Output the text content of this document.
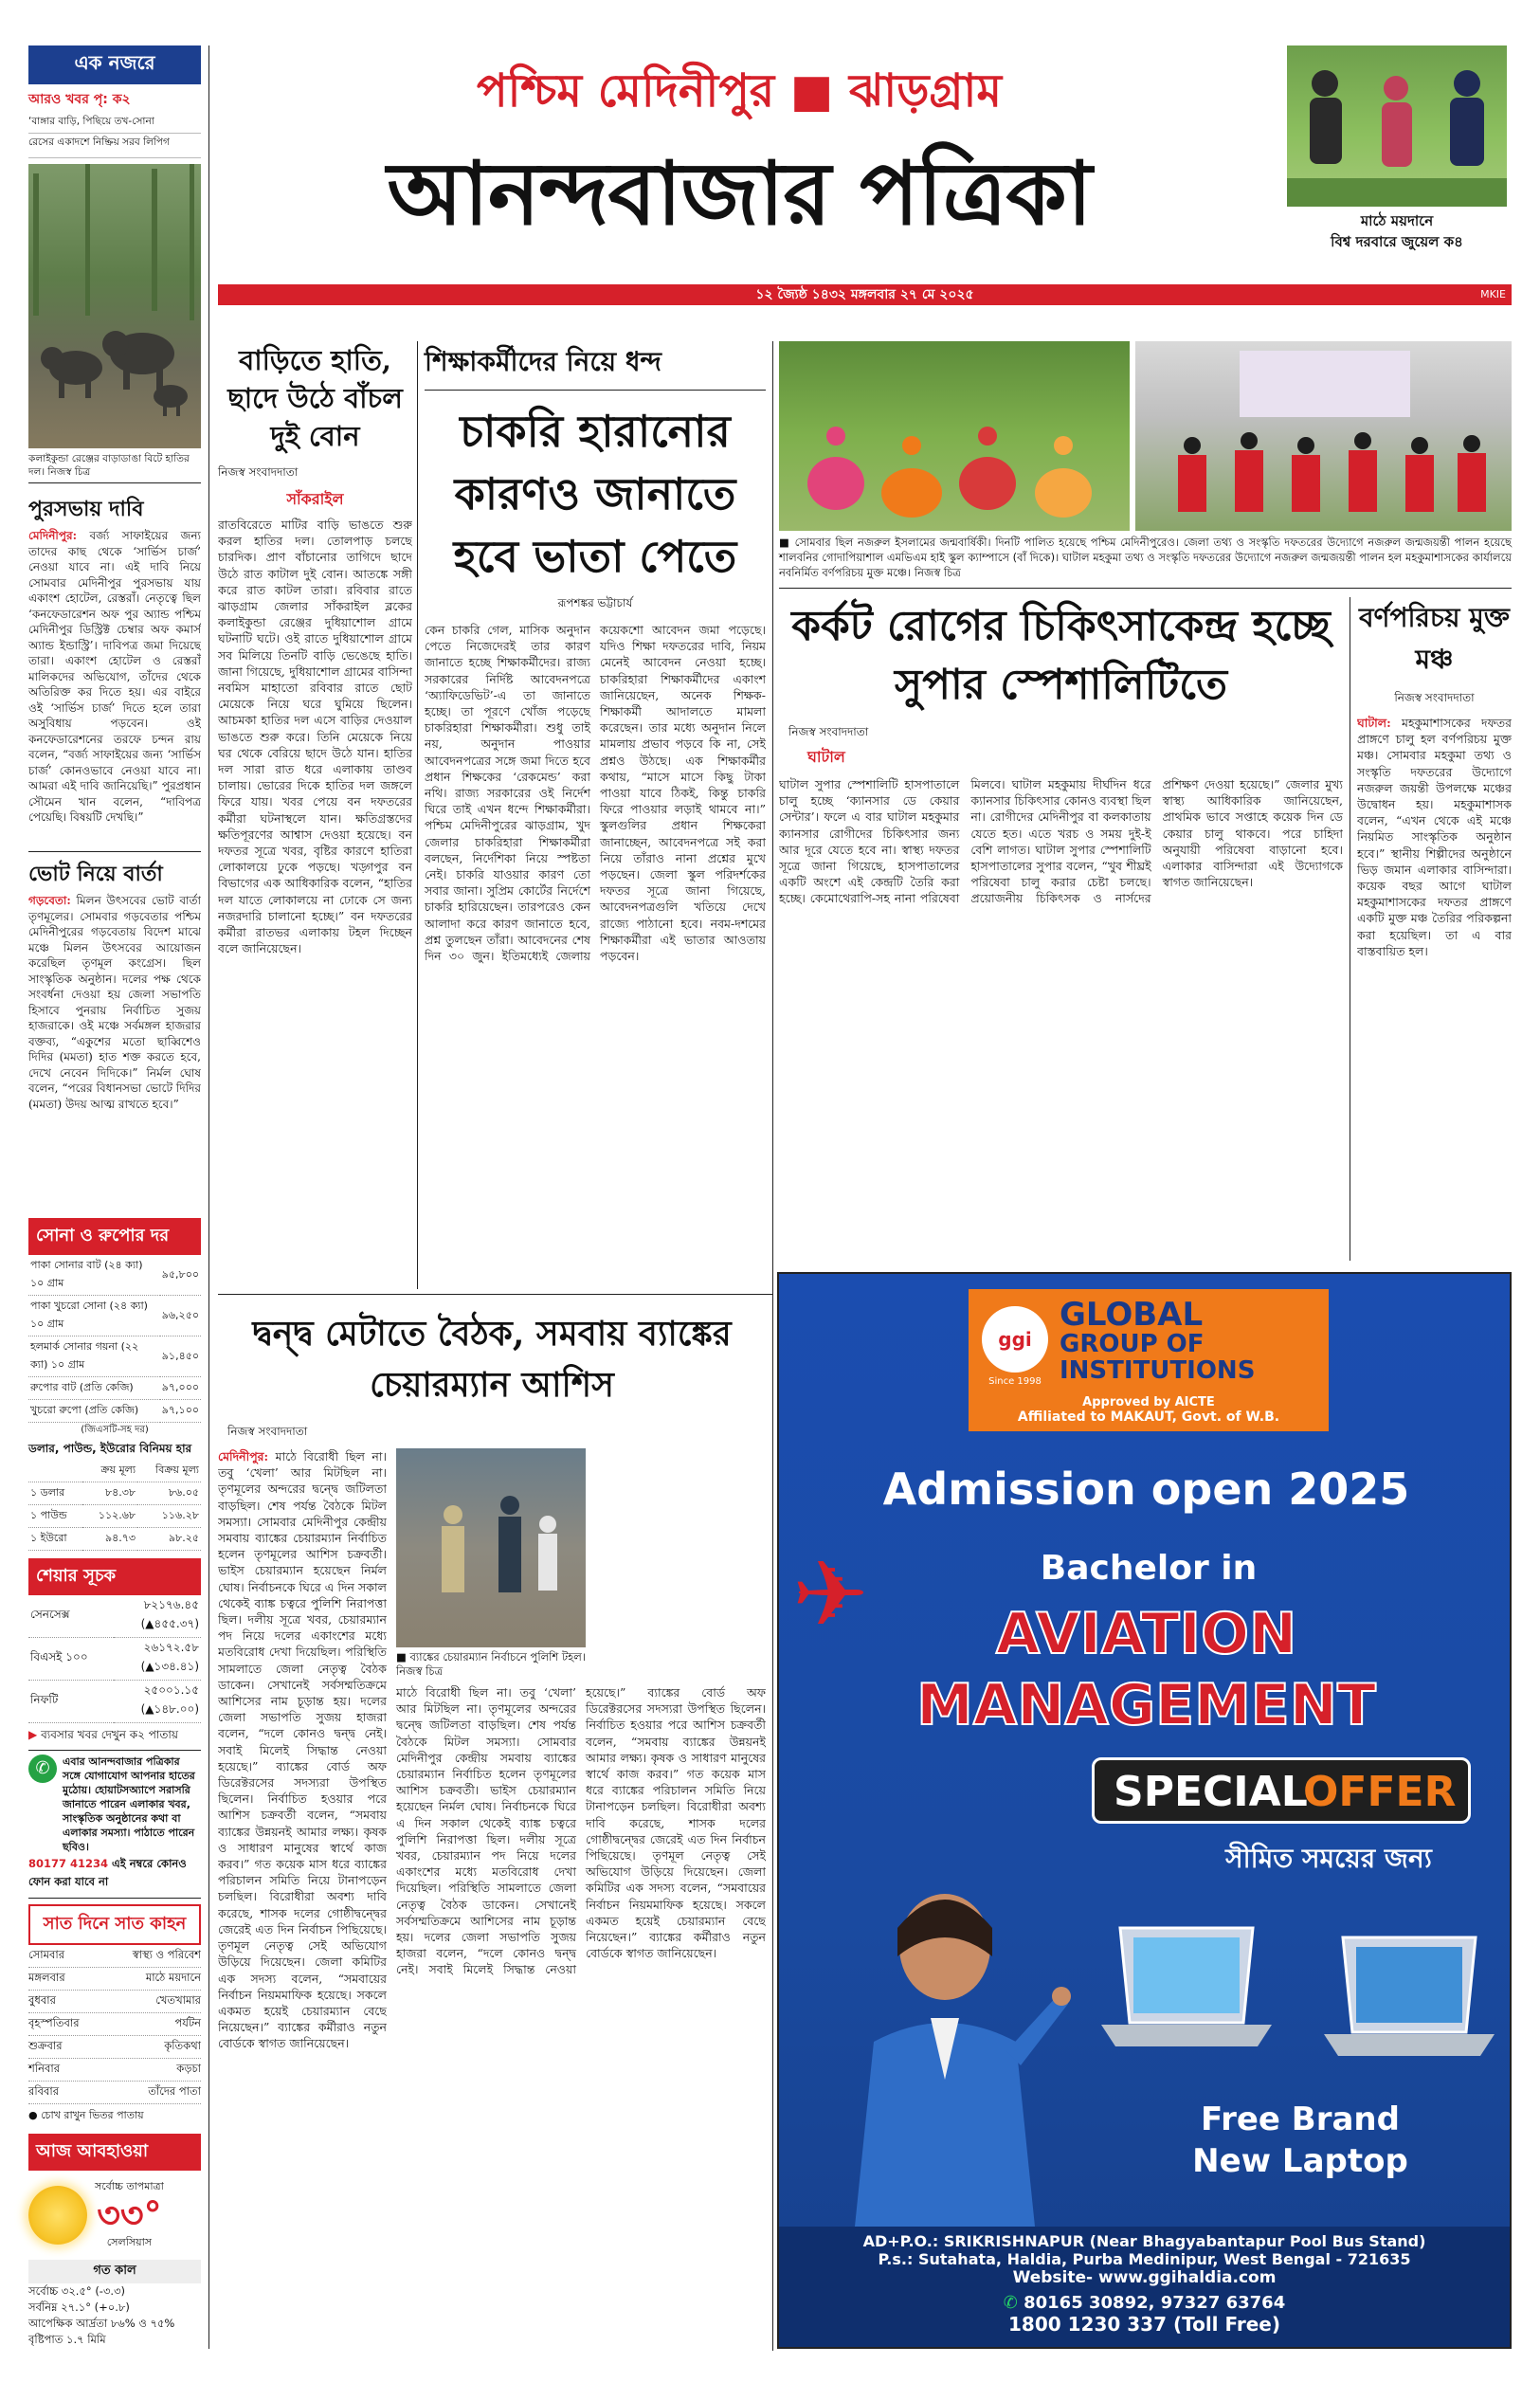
এক নজরে
আরও খবর পৃ: ক২
‘বাঙ্গার বাড়ি, পিছিয়ে তখ-সোনা
রেসের একাদশে নিষ্ক্রিয় সরব লিপিগ
কলাইকুন্ডা রেঞ্জের বাড়াডাঙা বিটে হাতির দল। নিজস্ব চিত্র
পুরসভায় দাবি
মেদিনীপুর: বর্জ্য সাফাইয়ের জন্য তাদের কাছ থেকে ‘সার্ভিস চার্জ’ নেওয়া যাবে না। এই দাবি নিয়ে সোমবার মেদিনীপুর পুরসভায় যায় একাংশ হোটেল, রেস্তরাঁ। নেতৃত্বে ছিল ‘কনফেডারেশন অফ পুর অ্যান্ড পশ্চিম মেদিনীপুর ডিস্ট্রিক্ট চেম্বার অফ কমার্স অ্যান্ড ইন্ডাস্ট্রি’। দাবিপত্র জমা দিয়েছে তারা। একাংশ হোটেল ও রেস্তরাঁ মালিকদের অভিযোগ, তাঁদের থেকে অতিরিক্ত কর দিতে হয়। এর বাইরে ওই ‘সার্ভিস চার্জ’ দিতে হলে তারা অসুবিধায় পড়বেন। ওই কনফেডারেশনের তরফে চন্দন রায় বলেন, “বর্জ্য সাফাইয়ের জন্য ‘সার্ভিস চার্জ’ কোনওভাবে নেওয়া যাবে না। আমরা এই দাবি জানিয়েছি।” পুরপ্রধান সৌমেন খান বলেন, “দাবিপত্র পেয়েছি। বিষয়টি দেখছি।”
ভোট নিয়ে বার্তা
গড়বেতা: মিলন উৎসবের ভোট বার্তা তৃণমূলের। সোমবার গড়বেতার পশ্চিম মেদিনীপুরের গড়বেতায় বিদেশ মাঝে মঞ্চে মিলন উৎসবের আয়োজন করেছিল তৃণমূল কংগ্রেস। ছিল সাংস্কৃতিক অনুষ্ঠান। দলের পক্ষ থেকে সংবর্ধনা দেওয়া হয় জেলা সভাপতি হিসাবে পুনরায় নির্বাচিত সুজয় হাজরাকে। ওই মঞ্চে সর্বমঙ্গল হাজরার বক্তব্য, “একুশের মতো ছাব্বিশেও দিদির (মমতা) হাত শক্ত করতে হবে, দেখে নেবেন দিদিকে।” নির্মল ঘোষ বলেন, “পরের বিধানসভা ভোটে দিদির (মমতা) উদয় আত্ম রাখতে হবে।”
সোনা ও রুপোর দর
পাকা সোনার বাট (২৪ ক্যা) ১০ গ্রাম	৯৫,৮০০
পাকা খুচরো সোনা (২৪ ক্যা) ১০ গ্রাম	৯৬,২৫০
হলমার্ক সোনার গয়না (২২ ক্যা) ১০ গ্রাম	৯১,৪৫০
রুপোর বাট (প্রতি কেজি)	৯৭,০০০
খুচরো রুপো (প্রতি কেজি)	৯৭,১০০
(জিএসটি-সহ দর)
ডলার, পাউন্ড, ইউরোর বিনিময় হার
	ক্রয় মূল্য	বিক্রয় মূল্য
১ ডলার	৮৪.৩৮	৮৬.০৫
১ পাউন্ড	১১২.৬৮	১১৬.২৮
১ ইউরো	৯৪.৭৩	৯৮.২৫
শেয়ার সূচক
সেনসেক্স	৮২১৭৬.৪৫
(▲৪৫৫.৩৭)
বিএসই ১০০	২৬১৭২.৫৮
(▲১৩৪.৪১)
নিফটি	২৫০০১.১৫
(▲১৪৮.০০)
▶ ব্যবসার খবর দেখুন ক২ পাতায়
✆	এবার আনন্দবাজার পত্রিকার সঙ্গে যোগাযোগ আপনার হাতের মুঠোয়। হোয়াটসঅ্যাপে সরাসরি জানাতে পারেন এলাকার খবর, সাংস্কৃতিক অনুষ্ঠানের কথা বা এলাকার সমস্যা। পাঠাতে পারেন ছবিও।
80177 41234 এই নম্বরে কোনও ফোন করা যাবে না
সাত দিনে সাত কাহন
সোমবার	স্বাস্থ্য ও পরিবেশ
মঙ্গলবার	মাঠে ময়দানে
বুধবার	খেতখামার
বৃহস্পতিবার	পর্যটন
শুক্রবার	কৃতিকথা
শনিবার	কড়চা
রবিবার	তাঁদের পাতা
● চোখ রাখুন ভিতর পাতায়
আজ আবহাওয়া
সর্বোচ্চ তাপমাত্রা
৩৩°
সেলসিয়াস
গত কাল
সর্বোচ্চ ৩২.৫° (-৩.৩)
সর্বনিম্ন ২৭.১° (+০.৮)
আপেক্ষিক আর্দ্রতা ৮৬% ও ৭৫%
বৃষ্টিপাত ১.৭ মিমি
পশ্চিম মেদিনীপুর ■ ঝাড়গ্রাম
আনন্দবাজার পত্রিকা	মাঠে ময়দানে
বিশ্ব দরবারে জুয়েল ক৪
১২ জ্যৈষ্ঠ ১৪৩২ মঙ্গলবার ২৭ মে ২০২৫	MKIE
বাড়িতে হাতি, ছাদে উঠে বাঁচল দুই বোন
নিজস্ব সংবাদদাতা
সাঁকরাইল
রাতবিরেতে মাটির বাড়ি ভাঙতে শুরু করল হাতির দল। তোলপাড় চলছে চারদিক। প্রাণ বাঁচানোর তাগিদে ছাদে উঠে রাত কাটাল দুই বোন। আতঙ্কে সঙ্গী করে রাত কাটল তারা। রবিবার রাতে ঝাড়গ্রাম জেলার সাঁকরাইল ব্লকের কলাইকুন্ডা রেঞ্জের দুধিয়াশোল গ্রামে ঘটনাটি ঘটে। ওই রাতে দুধিয়াশোল গ্রামে সব মিলিয়ে তিনটি বাড়ি ভেঙেছে হাতি। জানা গিয়েছে, দুধিয়াশোল গ্রামের বাসিন্দা নবমিস মাহাতো রবিবার রাতে ছোট মেয়েকে নিয়ে ঘরে ঘুমিয়ে ছিলেন। আচমকা হাতির দল এসে বাড়ির দেওয়াল ভাঙতে শুরু করে। তিনি মেয়েকে নিয়ে ঘর থেকে বেরিয়ে ছাদে উঠে যান। হাতির দল সারা রাত ধরে এলাকায় তাণ্ডব চালায়। ভোরের দিকে হাতির দল জঙ্গলে ফিরে যায়। খবর পেয়ে বন দফতরের কর্মীরা ঘটনাস্থলে যান। ক্ষতিগ্রস্তদের ক্ষতিপূরণের আশ্বাস দেওয়া হয়েছে। বন দফতর সূত্রে খবর, বৃষ্টির কারণে হাতিরা লোকালয়ে ঢুকে পড়ছে। খড়্গপুর বন বিভাগের এক আধিকারিক বলেন, “হাতির দল যাতে লোকালয়ে না ঢোকে সে জন্য নজরদারি চালানো হচ্ছে।” বন দফতরের কর্মীরা রাতভর এলাকায় টহল দিচ্ছেন বলে জানিয়েছেন।
শিক্ষাকর্মীদের নিয়ে ধন্দ
চাকরি হারানোর কারণও জানাতে হবে ভাতা পেতে
রূপশঙ্কর ভট্টাচার্য
কেন চাকরি গেল, মাসিক অনুদান পেতে নিজেদেরই তার কারণ জানাতে হচ্ছে শিক্ষাকর্মীদের। রাজ্য সরকারের নির্দিষ্ট আবেদনপত্রে ‘অ্যাফিডেভিট’-এ তা জানাতে হচ্ছে। তা পূরণে খোঁজ পড়েছে চাকরিহারা শিক্ষাকর্মীরা। শুধু তাই নয়, অনুদান পাওয়ার আবেদনপত্রের সঙ্গে জমা দিতে হবে প্রধান শিক্ষকের ‘রেকমেন্ড’ করা নথি। রাজ্য সরকারের ওই নির্দেশ ঘিরে তাই এখন ধন্দে শিক্ষাকর্মীরা। পশ্চিম মেদিনীপুরের ঝাড়গ্রাম, খুদ জেলার চাকরিহারা শিক্ষাকর্মীরা বলছেন, নির্দেশিকা নিয়ে স্পষ্টতা নেই। চাকরি যাওয়ার কারণ তো সবার জানা। সুপ্রিম কোর্টের নির্দেশে চাকরি হারিয়েছেন। তারপরেও কেন আলাদা করে কারণ জানাতে হবে, প্রশ্ন তুলছেন তাঁরা। আবেদনের শেষ দিন ৩০ জুন। ইতিমধ্যেই জেলায় কয়েকশো আবেদন জমা পড়েছে। যদিও শিক্ষা দফতরের দাবি, নিয়ম মেনেই আবেদন নেওয়া হচ্ছে। চাকরিহারা শিক্ষাকর্মীদের একাংশ জানিয়েছেন, অনেক শিক্ষক-শিক্ষাকর্মী আদালতে মামলা করেছেন। তার মধ্যে অনুদান নিলে মামলায় প্রভাব পড়বে কি না, সেই প্রশ্নও উঠছে। এক শিক্ষাকর্মীর কথায়, “মাসে মাসে কিছু টাকা পাওয়া যাবে ঠিকই, কিন্তু চাকরি ফিরে পাওয়ার লড়াই থামবে না।” স্কুলগুলির প্রধান শিক্ষকেরা জানাচ্ছেন, আবেদনপত্রে সই করা নিয়ে তাঁরাও নানা প্রশ্নের মুখে পড়ছেন। জেলা স্কুল পরিদর্শকের দফতর সূত্রে জানা গিয়েছে, আবেদনপত্রগুলি খতিয়ে দেখে রাজ্যে পাঠানো হবে। নবম-দশমের শিক্ষাকর্মীরা এই ভাতার আওতায় পড়বেন।
■ সোমবার ছিল নজরুল ইসলামের জন্মবার্ষিকী। দিনটি পালিত হয়েছে পশ্চিম মেদিনীপুরেও। জেলা তথ্য ও সংস্কৃতি দফতরের উদ্যোগে নজরুল জন্মজয়ন্তী পালন হয়েছে শালবনির গোদাপিয়াশাল এমভিএম হাই স্কুল ক্যাম্পাসে (বাঁ দিকে)। ঘাটাল মহকুমা তথ্য ও সংস্কৃতি দফতরের উদ্যোগে নজরুল জন্মজয়ন্তী পালন হল মহকুমাশাসকের কার্যালয়ে নবনির্মিত বর্ণপরিচয় মুক্ত মঞ্চে। নিজস্ব চিত্র
কর্কট রোগের চিকিৎসাকেন্দ্র হচ্ছে সুপার স্পেশালিটিতে
নিজস্ব সংবাদদাতা
ঘাটাল
ঘাটাল সুপার স্পেশালিটি হাসপাতালে চালু হচ্ছে ‘ক্যানসার ডে কেয়ার সেন্টার’। ফলে এ বার ঘাটাল মহকুমার ক্যানসার রোগীদের চিকিৎসার জন্য আর দূরে যেতে হবে না। স্বাস্থ্য দফতর সূত্রে জানা গিয়েছে, হাসপাতালের একটি অংশে এই কেন্দ্রটি তৈরি করা হচ্ছে। কেমোথেরাপি-সহ নানা পরিষেবা মিলবে। ঘাটাল মহকুমায় দীর্ঘদিন ধরে ক্যানসার চিকিৎসার কোনও ব্যবস্থা ছিল না। রোগীদের মেদিনীপুর বা কলকাতায় যেতে হত। এতে খরচ ও সময় দুই-ই বেশি লাগত। ঘাটাল সুপার স্পেশালিটি হাসপাতালের সুপার বলেন, “খুব শীঘ্রই পরিষেবা চালু করার চেষ্টা চলছে। প্রয়োজনীয় চিকিৎসক ও নার্সদের প্রশিক্ষণ দেওয়া হয়েছে।” জেলার মুখ্য স্বাস্থ্য আধিকারিক জানিয়েছেন, প্রাথমিক ভাবে সপ্তাহে কয়েক দিন ডে কেয়ার চালু থাকবে। পরে চাহিদা অনুযায়ী পরিষেবা বাড়ানো হবে। এলাকার বাসিন্দারা এই উদ্যোগকে স্বাগত জানিয়েছেন।
বর্ণপরিচয় মুক্ত মঞ্চ
নিজস্ব সংবাদদাতা
ঘাটাল: মহকুমাশাসকের দফতর প্রাঙ্গণে চালু হল বর্ণপরিচয় মুক্ত মঞ্চ। সোমবার মহকুমা তথ্য ও সংস্কৃতি দফতরের উদ্যোগে নজরুল জয়ন্তী উপলক্ষে মঞ্চের উদ্বোধন হয়। মহকুমাশাসক বলেন, “এখন থেকে এই মঞ্চে নিয়মিত সাংস্কৃতিক অনুষ্ঠান হবে।” স্থানীয় শিল্পীদের অনুষ্ঠানে ভিড় জমান এলাকার বাসিন্দারা। কয়েক বছর আগে ঘাটাল মহকুমাশাসকের দফতর প্রাঙ্গণে একটি মুক্ত মঞ্চ তৈরির পরিকল্পনা করা হয়েছিল। তা এ বার বাস্তবায়িত হল।
দ্বন্দ্ব মেটাতে বৈঠক, সমবায় ব্যাঙ্কের চেয়ারম্যান আশিস
নিজস্ব সংবাদদাতা
মেদিনীপুর: মাঠে বিরোধী ছিল না। তবু ‘খেলা’ আর মিটছিল না। তৃণমূলের অন্দরের দ্বন্দ্বে জটিলতা বাড়ছিল। শেষ পর্যন্ত বৈঠকে মিটল সমস্যা। সোমবার মেদিনীপুর কেন্দ্রীয় সমবায় ব্যাঙ্কের চেয়ারম্যান নির্বাচিত হলেন তৃণমূলের আশিস চক্রবর্তী। ভাইস চেয়ারম্যান হয়েছেন নির্মল ঘোষ। নির্বাচনকে ঘিরে এ দিন সকাল থেকেই ব্যাঙ্ক চত্বরে পুলিশি নিরাপত্তা ছিল। দলীয় সূত্রে খবর, চেয়ারম্যান পদ নিয়ে দলের একাংশের মধ্যে মতবিরোধ দেখা দিয়েছিল। পরিস্থিতি সামলাতে জেলা নেতৃত্ব বৈঠক ডাকেন। সেখানেই সর্বসম্মতিক্রমে আশিসের নাম চূড়ান্ত হয়। দলের জেলা সভাপতি সুজয় হাজরা বলেন, “দলে কোনও দ্বন্দ্ব নেই। সবাই মিলেই সিদ্ধান্ত নেওয়া হয়েছে।” ব্যাঙ্কের বোর্ড অফ ডিরেক্টরসের সদস্যরা উপস্থিত ছিলেন। নির্বাচিত হওয়ার পরে আশিস চক্রবর্তী বলেন, “সমবায় ব্যাঙ্কের উন্নয়নই আমার লক্ষ্য। কৃষক ও সাধারণ মানুষের স্বার্থে কাজ করব।” গত কয়েক মাস ধরে ব্যাঙ্কের পরিচালন সমিতি নিয়ে টানাপড়েন চলছিল। বিরোধীরা অবশ্য দাবি করেছে, শাসক দলের গোষ্ঠীদ্বন্দ্বের জেরেই এত দিন নির্বাচন পিছিয়েছে। তৃণমূল নেতৃত্ব সেই অভিযোগ উড়িয়ে দিয়েছেন। জেলা কমিটির এক সদস্য বলেন, “সমবায়ের নির্বাচন নিয়মমাফিক হয়েছে। সকলে একমত হয়েই চেয়ারম্যান বেছে নিয়েছেন।” ব্যাঙ্কের কর্মীরাও নতুন বোর্ডকে স্বাগত জানিয়েছেন।
■ ব্যাঙ্কের চেয়ারম্যান নির্বাচনে পুলিশি টহল। নিজস্ব চিত্র
মাঠে বিরোধী ছিল না। তবু ‘খেলা’ আর মিটছিল না। তৃণমূলের অন্দরের দ্বন্দ্বে জটিলতা বাড়ছিল। শেষ পর্যন্ত বৈঠকে মিটল সমস্যা। সোমবার মেদিনীপুর কেন্দ্রীয় সমবায় ব্যাঙ্কের চেয়ারম্যান নির্বাচিত হলেন তৃণমূলের আশিস চক্রবর্তী। ভাইস চেয়ারম্যান হয়েছেন নির্মল ঘোষ। নির্বাচনকে ঘিরে এ দিন সকাল থেকেই ব্যাঙ্ক চত্বরে পুলিশি নিরাপত্তা ছিল। দলীয় সূত্রে খবর, চেয়ারম্যান পদ নিয়ে দলের একাংশের মধ্যে মতবিরোধ দেখা দিয়েছিল। পরিস্থিতি সামলাতে জেলা নেতৃত্ব বৈঠক ডাকেন। সেখানেই সর্বসম্মতিক্রমে আশিসের নাম চূড়ান্ত হয়। দলের জেলা সভাপতি সুজয় হাজরা বলেন, “দলে কোনও দ্বন্দ্ব নেই। সবাই মিলেই সিদ্ধান্ত নেওয়া হয়েছে।” ব্যাঙ্কের বোর্ড অফ ডিরেক্টরসের সদস্যরা উপস্থিত ছিলেন। নির্বাচিত হওয়ার পরে আশিস চক্রবর্তী বলেন, “সমবায় ব্যাঙ্কের উন্নয়নই আমার লক্ষ্য। কৃষক ও সাধারণ মানুষের স্বার্থে কাজ করব।” গত কয়েক মাস ধরে ব্যাঙ্কের পরিচালন সমিতি নিয়ে টানাপড়েন চলছিল। বিরোধীরা অবশ্য দাবি করেছে, শাসক দলের গোষ্ঠীদ্বন্দ্বের জেরেই এত দিন নির্বাচন পিছিয়েছে। তৃণমূল নেতৃত্ব সেই অভিযোগ উড়িয়ে দিয়েছেন। জেলা কমিটির এক সদস্য বলেন, “সমবায়ের নির্বাচন নিয়মমাফিক হয়েছে। সকলে একমত হয়েই চেয়ারম্যান বেছে নিয়েছেন।” ব্যাঙ্কের কর্মীরাও নতুন বোর্ডকে স্বাগত জানিয়েছেন।
ggi
Since 1998
GLOBAL
GROUP OF
INSTITUTIONS
Approved by AICTE
Affiliated to MAKAUT, Govt. of W.B.
Admission open 2025
✈	Bachelor in
AVIATION
MANAGEMENT
SPECIAL
OFFER
সীমিত সময়ের জন্য
Free Brand
New Laptop
AD+P.O.: SRIKRISHNAPUR (Near Bhagyabantapur Pool Bus Stand)
P.s.: Sutahata, Haldia, Purba Medinipur, West Bengal - 721635
Website- www.ggihaldia.com
✆ 80165 30892, 97327 63764
1800 1230 337 (Toll Free)
